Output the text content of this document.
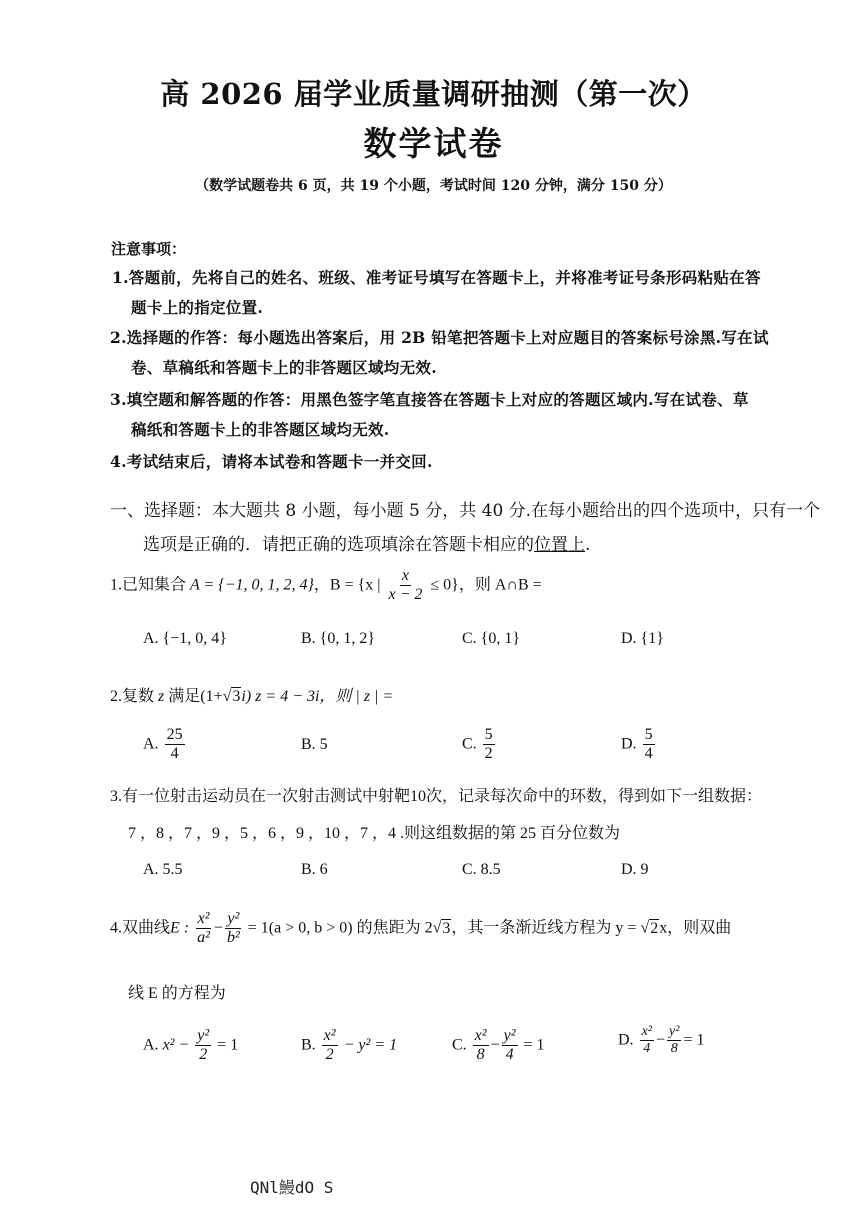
高 2026 届学业质量调研抽测（第一次）
数学试卷
（数学试题卷共 6 页，共 19 个小题，考试时间 120 分钟，满分 150 分）
注意事项：
1.答题前，先将自己的姓名、班级、准考证号填写在答题卡上，并将准考证号条形码粘贴在答
题卡上的指定位置.
2.选择题的作答：每小题选出答案后，用 2B 铅笔把答题卡上对应题目的答案标号涂黑.写在试
卷、草稿纸和答题卡上的非答题区域均无效.
3.填空题和解答题的作答：用黑色签字笔直接答在答题卡上对应的答题区域内.写在试卷、草
稿纸和答题卡上的非答题区域均无效.
4.考试结束后，请将本试卷和答题卡一并交回.
一、选择题：本大题共 8 小题，每小题 5 分，共 40 分.在每小题给出的四个选项中，只有一个
选项是正确的．请把正确的选项填涂在答题卡相应的位置上.
1.已知集合 A = {−1, 0, 1, 2, 4}，B = {x | $\frac{x}{x - 2} \le 0$}，则 A∩B =
A. {−1, 0, 4}	B. {0, 1, 2}	C. {0, 1}	D. {1}
2.复数 z 满足(1+√3i) z = 4 − 3i，则 | z | =
A. $\frac{25}{4}$	B. 5	C. $\frac{5}{2}$	D. $\frac{5}{4}$
3.有一位射击运动员在一次射击测试中射靶10次，记录每次命中的环数，得到如下一组数据：
7 ，8 ，7 ，9 ，5 ，6 ，9 ，10 ，7 ，4 .则这组数据的第 25 百分位数为
A. 5.5	B. 6	C. 8.5	D. 9
4.双曲线E : $\frac{\text{x²}}{\text{a²}} - \frac{\text{y²}}{\text{b²}} = 1(a > 0$, b > 0) 的焦距为 2√3，其一条渐近线方程为 y = √2x，则双曲
线 E 的方程为
A. $x^2 - \frac{\text{y²}}{2} = 1$	B. $\frac{\text{x²}}{2} - y^2 = 1$	C. $\frac{\text{x²}}{8} - \frac{\text{y²}}{4} = 1$	D. $\frac{\text{x²}}{4} - \frac{\text{y²}}{8} = 1$
QNl鰻dO S
